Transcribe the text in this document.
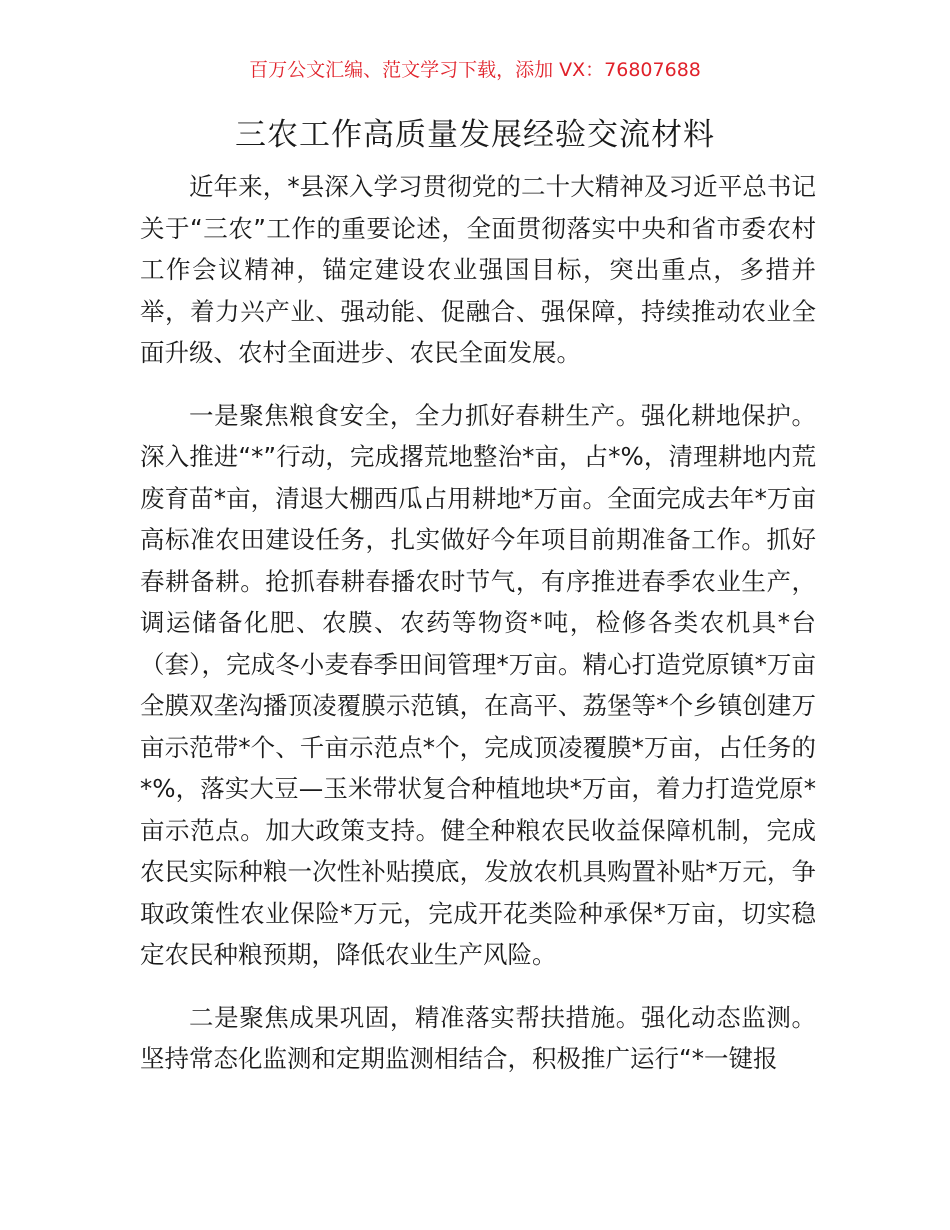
百万公文汇编、范文学习下载，添加 VX：76807688
三农工作高质量发展经验交流材料

近年来，*县深入学习贯彻党的二十大精神及习近平总书记关于“三农”工作的重要论述，全面贯彻落实中央和省市委农村工作会议精神，锚定建设农业强国目标，突出重点，多措并举，着力兴产业、强动能、促融合、强保障，持续推动农业全面升级、农村全面进步、农民全面发展。

一是聚焦粮食安全，全力抓好春耕生产。强化耕地保护。深入推进“*”行动，完成撂荒地整治*亩，占*%，清理耕地内荒废育苗*亩，清退大棚西瓜占用耕地*万亩。全面完成去年*万亩高标准农田建设任务，扎实做好今年项目前期准备工作。抓好春耕备耕。抢抓春耕春播农时节气，有序推进春季农业生产，调运储备化肥、农膜、农药等物资*吨，检修各类农机具*台（套），完成冬小麦春季田间管理*万亩。精心打造党原镇*万亩全膜双垄沟播顶凌覆膜示范镇，在高平、荔堡等*个乡镇创建万亩示范带*个、千亩示范点*个，完成顶凌覆膜*万亩，占任务的*%，落实大豆—玉米带状复合种植地块*万亩，着力打造党原*亩示范点。加大政策支持。健全种粮农民收益保障机制，完成农民实际种粮一次性补贴摸底，发放农机具购置补贴*万元，争取政策性农业保险*万元，完成开花类险种承保*万亩，切实稳定农民种粮预期，降低农业生产风险。

二是聚焦成果巩固，精准落实帮扶措施。强化动态监测。坚持常态化监测和定期监测相结合，积极推广运行“*一键报
